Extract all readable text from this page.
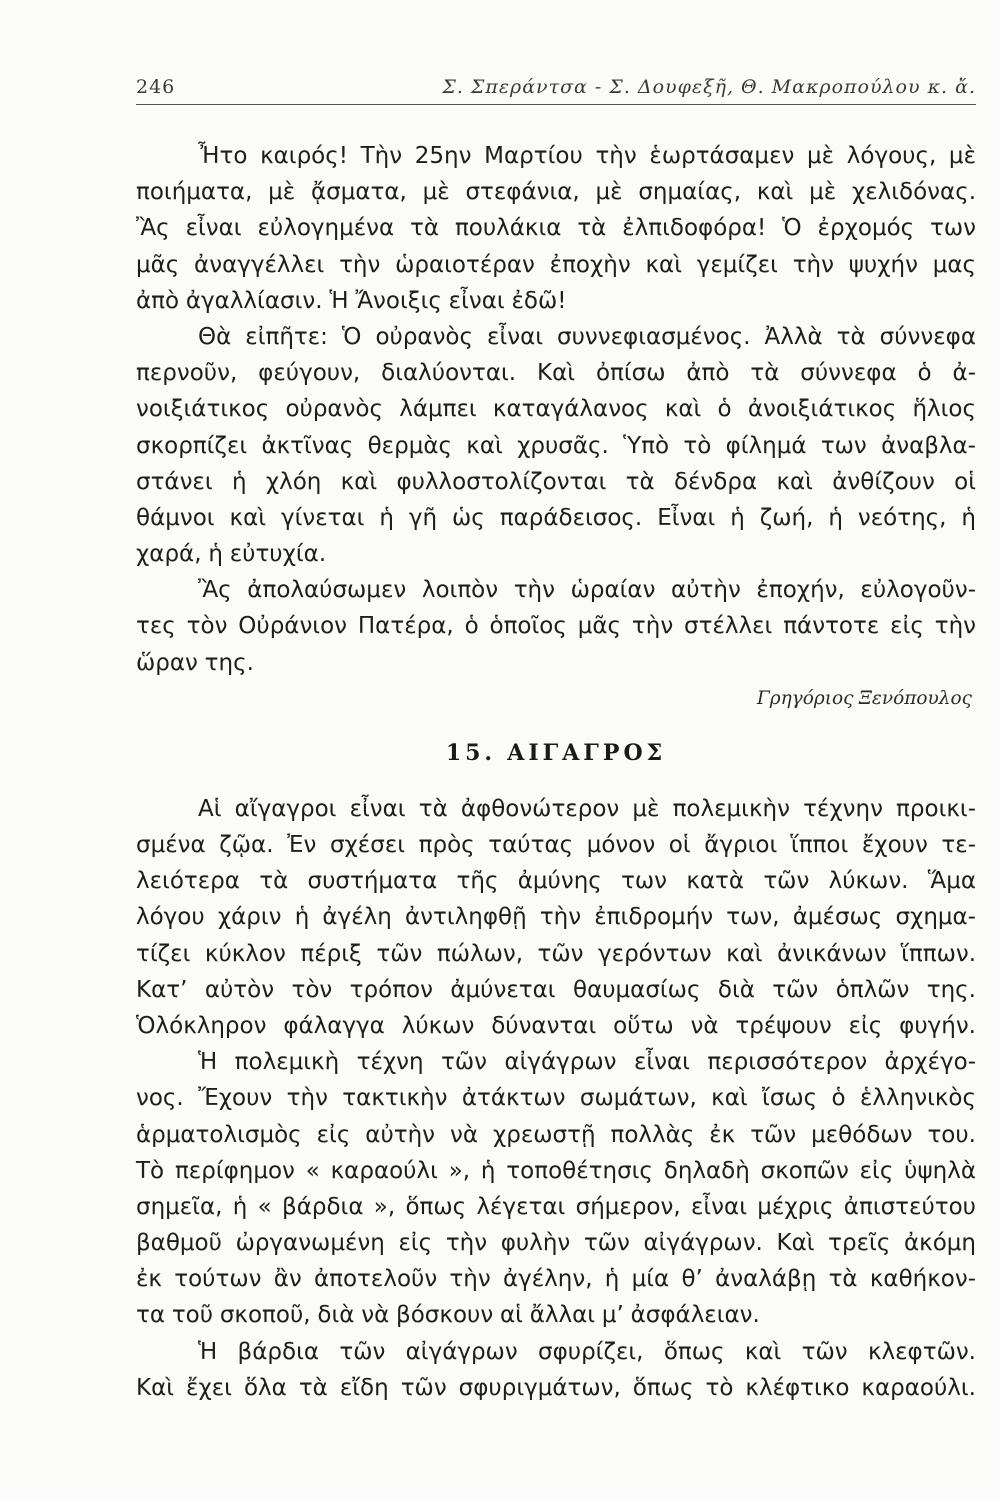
246	Σ. Σπεράντσα - Σ. Δουφεξῆ, Θ. Μακροπούλου κ. ἄ.
Ἦτο καιρός! Τὴν 25ην Μαρτίου τὴν ἑωρτάσαμεν μὲ λόγους, μὲ
ποιήματα, μὲ ᾄσματα, μὲ στεφάνια, μὲ σημαίας, καὶ μὲ χελιδόνας.
Ἂς εἶναι εὐλογημένα τὰ πουλάκια τὰ ἐλπιδοφόρα! Ὁ ἐρχομός των
μᾶς ἀναγγέλλει τὴν ὡραιοτέραν ἐποχὴν καὶ γεμίζει τὴν ψυχήν μας
ἀπὸ ἀγαλλίασιν. Ἡ Ἄνοιξις εἶναι ἐδῶ!
Θὰ εἰπῆτε: Ὁ οὐρανὸς εἶναι συννεφιασμένος. Ἀλλὰ τὰ σύννεφα
περνοῦν, φεύγουν, διαλύονται. Καὶ ὀπίσω ἀπὸ τὰ σύννεφα ὁ ἀ-
νοιξιάτικος οὐρανὸς λάμπει καταγάλανος καὶ ὁ ἀνοιξιάτικος ἥλιος
σκορπίζει ἀκτῖνας θερμὰς καὶ χρυσᾶς. Ὑπὸ τὸ φίλημά των ἀναβλα-
στάνει ἡ χλόη καὶ φυλλοστολίζονται τὰ δένδρα καὶ ἀνθίζουν οἱ
θάμνοι καὶ γίνεται ἡ γῆ ὡς παράδεισος. Εἶναι ἡ ζωή, ἡ νεότης, ἡ
χαρά, ἡ εὐτυχία.
Ἂς ἀπολαύσωμεν λοιπὸν τὴν ὡραίαν αὐτὴν ἐποχήν, εὐλογοῦν-
τες τὸν Οὐράνιον Πατέρα, ὁ ὁποῖος μᾶς τὴν στέλλει πάντοτε εἰς τὴν
ὥραν της.
Γρηγόριος Ξενόπουλος
15. ΑΙΓΑΓΡΟΣ
Αἱ αἴγαγροι εἶναι τὰ ἀφθονώτερον μὲ πολεμικὴν τέχνην προικι-
σμένα ζῷα. Ἐν σχέσει πρὸς ταύτας μόνον οἱ ἄγριοι ἵπποι ἔχουν τε-
λειότερα τὰ συστήματα τῆς ἀμύνης των κατὰ τῶν λύκων. Ἅμα
λόγου χάριν ἡ ἀγέλη ἀντιληφθῇ τὴν ἐπιδρομήν των, ἀμέσως σχημα-
τίζει κύκλον πέριξ τῶν πώλων, τῶν γερόντων καὶ ἀνικάνων ἵππων.
Κατ’ αὐτὸν τὸν τρόπον ἀμύνεται θαυμασίως διὰ τῶν ὁπλῶν της.
Ὁλόκληρον φάλαγγα λύκων δύνανται οὕτω νὰ τρέψουν εἰς φυγήν.
Ἡ πολεμικὴ τέχνη τῶν αἰγάγρων εἶναι περισσότερον ἀρχέγο-
νος. Ἔχουν τὴν τακτικὴν ἀτάκτων σωμάτων, καὶ ἴσως ὁ ἑλληνικὸς
ἁρματολισμὸς εἰς αὐτὴν νὰ χρεωστῇ πολλὰς ἐκ τῶν μεθόδων του.
Τὸ περίφημον « καραούλι », ἡ τοποθέτησις δηλαδὴ σκοπῶν εἰς ὑψηλὰ
σημεῖα, ἡ « βάρδια », ὅπως λέγεται σήμερον, εἶναι μέχρις ἀπιστεύτου
βαθμοῦ ὠργανωμένη εἰς τὴν φυλὴν τῶν αἰγάγρων. Καὶ τρεῖς ἀκόμη
ἐκ τούτων ἂν ἀποτελοῦν τὴν ἀγέλην, ἡ μία θ’ ἀναλάβῃ τὰ καθήκον-
τα τοῦ σκοποῦ, διὰ νὰ βόσκουν αἱ ἄλλαι μ’ ἀσφάλειαν.
Ἡ βάρδια τῶν αἰγάγρων σφυρίζει, ὅπως καὶ τῶν κλεφτῶν.
Καὶ ἔχει ὅλα τὰ εἴδη τῶν σφυριγμάτων, ὅπως τὸ κλέφτικο καραούλι.
